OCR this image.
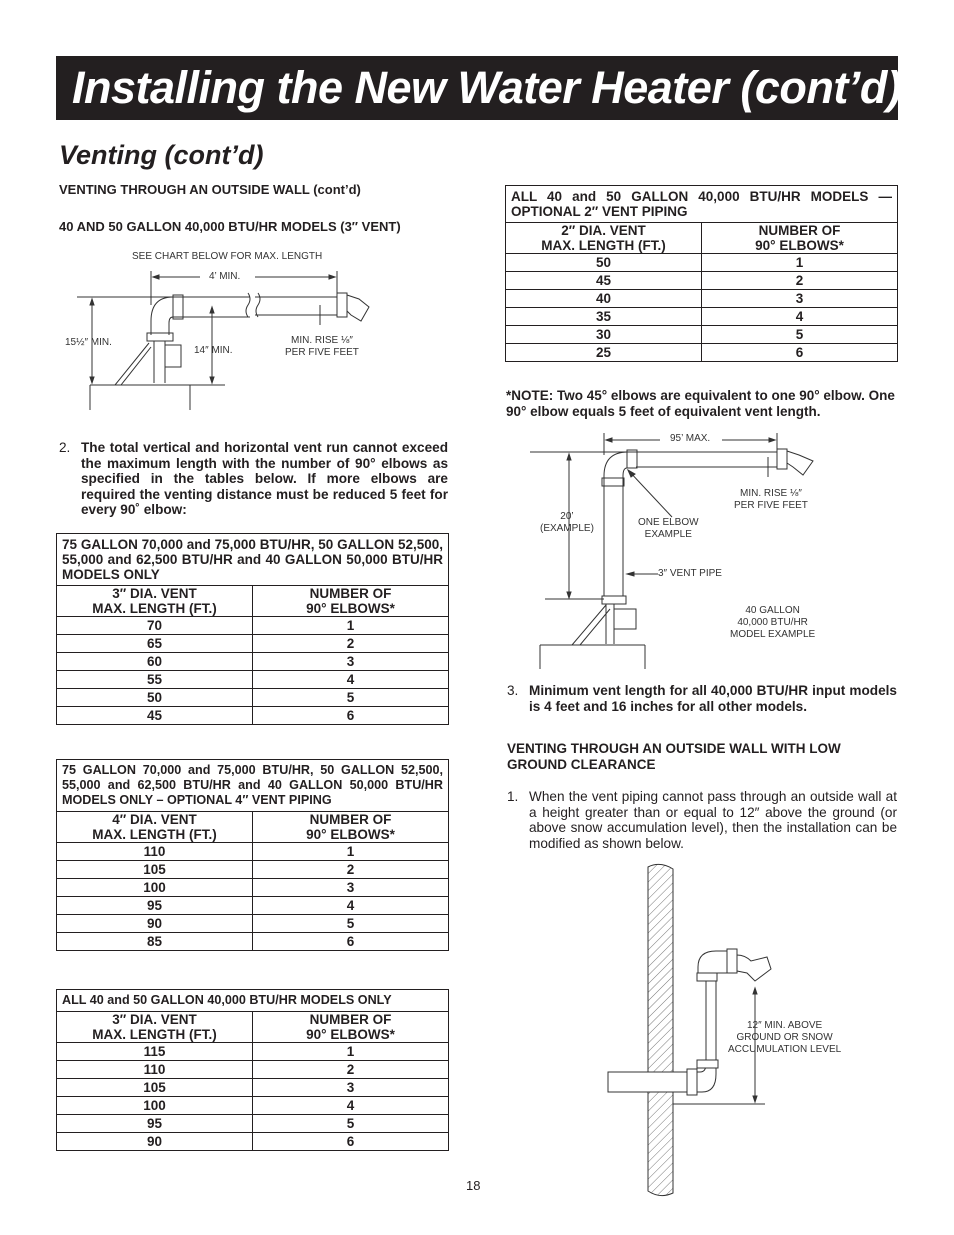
Installing the New Water Heater (cont’d)
Venting (cont’d)
VENTING THROUGH AN OUTSIDE WALL (cont’d)
40 AND 50 GALLON 40,000 BTU/HR MODELS (3″ VENT)
SEE CHART BELOW FOR MAX. LENGTH
4’ MIN.
15½″ MIN.
14″ MIN.
MIN. RISE ⅛″
PER FIVE FEET
2. The total vertical and horizontal vent run cannot exceed the maximum length with the number of 90° elbows as specified in the tables below. If more elbows are required the venting distance must be reduced 5 feet for every 90˚ elbow:
75 GALLON 70,000 and 75,000 BTU/HR, 50 GALLON 52,500, 55,000 and 62,500 BTU/HR and 40 GALLON 50,000 BTU/HR MODELS ONLY	

3″ DIA. VENT
MAX. LENGTH (FT.)

NUMBER OF
90° ELBOWS*

70	1
65	2
60	3
55	4
50	5
45	6
75 GALLON 70,000 and 75,000 BTU/HR, 50 GALLON 52,500, 55,000 and 62,500 BTU/HR and 40 GALLON 50,000 BTU/HR MODELS ONLY – OPTIONAL 4″ VENT PIPING	

4″ DIA. VENT
MAX. LENGTH (FT.)

NUMBER OF
90° ELBOWS*

110	1
105	2
100	3
95	4
90	5
85	6
ALL 40 and 50 GALLON 40,000 BTU/HR MODELS ONLY	

3″ DIA. VENT
MAX. LENGTH (FT.)

NUMBER OF
90° ELBOWS*

115	1
110	2
105	3
100	4
95	5
90	6
ALL 40 and 50 GALLON 40,000 BTU/HR MODELS — OPTIONAL 2″ VENT PIPING	

2″ DIA. VENT
MAX. LENGTH (FT.)

NUMBER OF
90° ELBOWS*

50	1
45	2
40	3
35	4
30	5
25	6
*NOTE: Two 45° elbows are equivalent to one 90° elbow. One 90° elbow equals 5 feet of equivalent vent length.
95’ MAX.
20’
(EXAMPLE)
ONE ELBOW
EXAMPLE
3″ VENT PIPE
MIN. RISE ⅛″
PER FIVE FEET
40 GALLON
40,000 BTU/HR
MODEL EXAMPLE
3. Minimum vent length for all 40,000 BTU/HR input models is 4 feet and 16 inches for all other models.
VENTING THROUGH AN OUTSIDE WALL WITH LOW GROUND CLEARANCE
1. When the vent piping cannot pass through an outside wall at a height greater than or equal to 12″ above the ground (or above snow accumulation level), then the installation can be modified as shown below.
12″ MIN. ABOVE
GROUND OR SNOW
ACCUMULATION LEVEL
18
